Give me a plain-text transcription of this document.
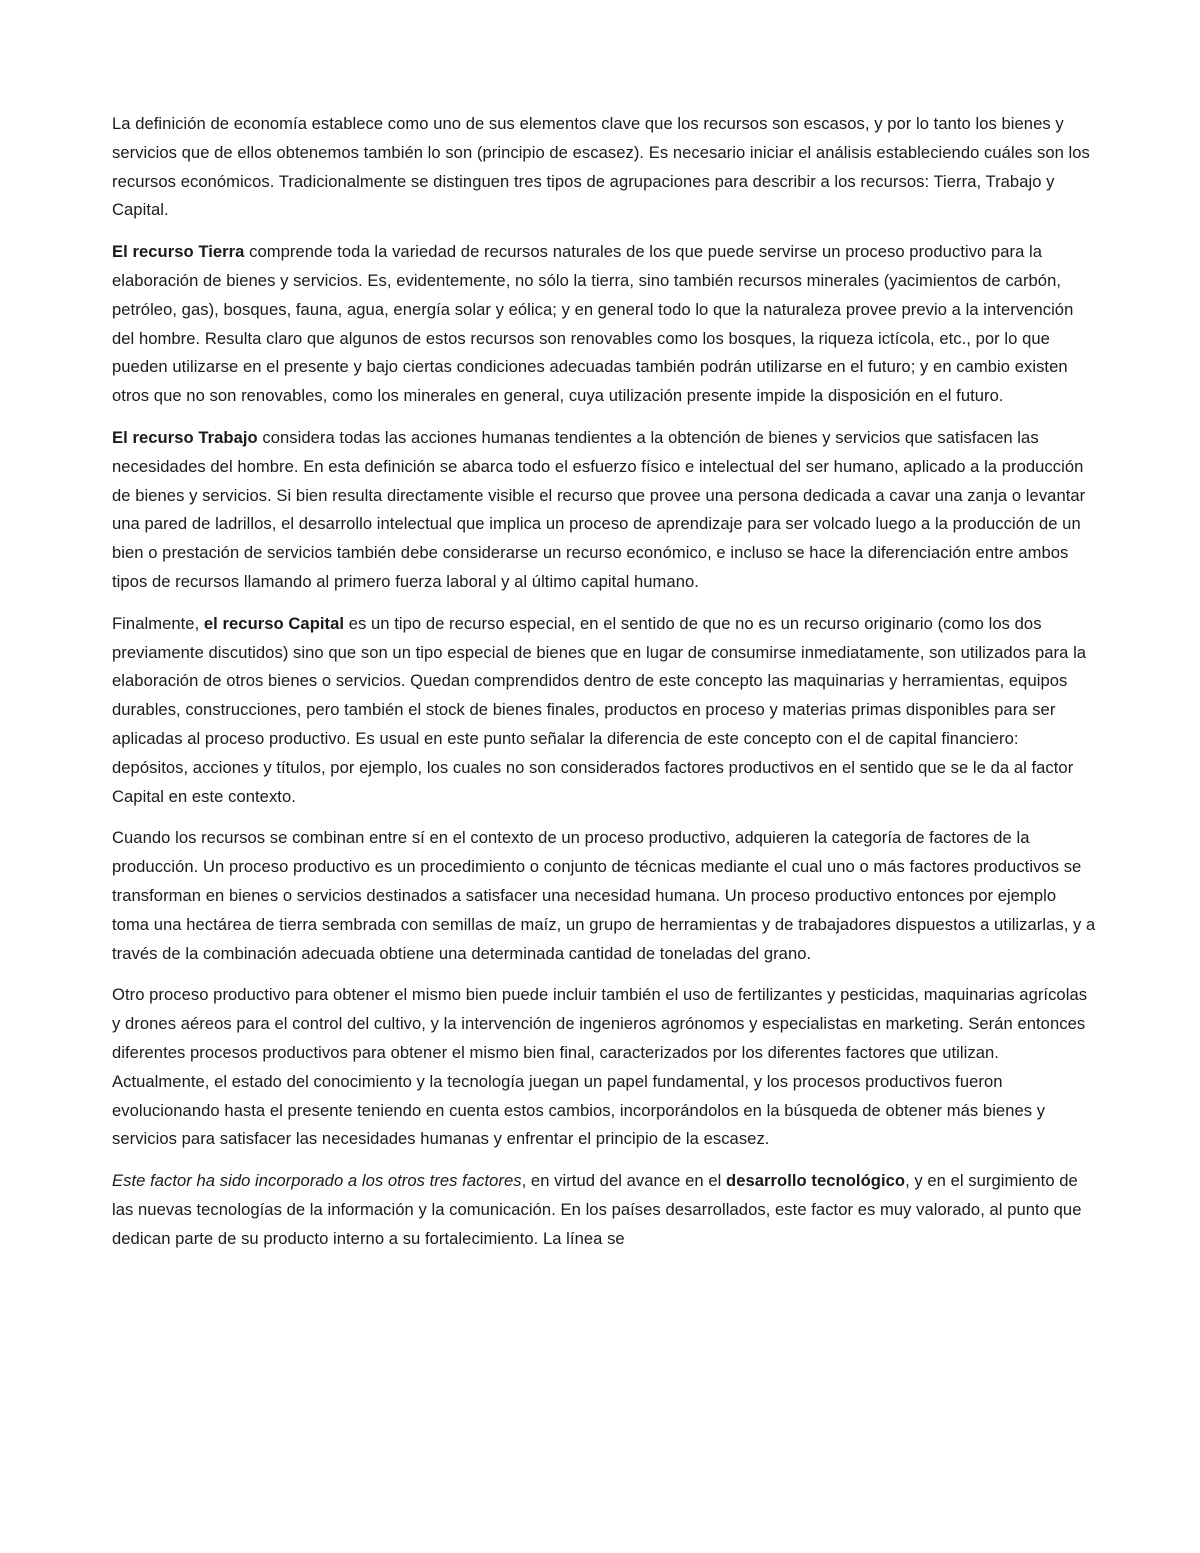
La definición de economía establece como uno de sus elementos clave que los recursos son escasos, y por lo tanto los bienes y servicios que de ellos obtenemos también lo son (principio de escasez). Es necesario iniciar el análisis estableciendo cuáles son los recursos económicos. Tradicionalmente se distinguen tres tipos de agrupaciones para describir a los recursos: Tierra, Trabajo y Capital.

El recurso Tierra comprende toda la variedad de recursos naturales de los que puede servirse un proceso productivo para la elaboración de bienes y servicios. Es, evidentemente, no sólo la tierra, sino también recursos minerales (yacimientos de carbón, petróleo, gas), bosques, fauna, agua, energía solar y eólica; y en general todo lo que la naturaleza provee previo a la intervención del hombre. Resulta claro que algunos de estos recursos son renovables como los bosques, la riqueza ictícola, etc., por lo que pueden utilizarse en el presente y bajo ciertas condiciones adecuadas también podrán utilizarse en el futuro; y en cambio existen otros que no son renovables, como los minerales en general, cuya utilización presente impide la disposición en el futuro.

El recurso Trabajo considera todas las acciones humanas tendientes a la obtención de bienes y servicios que satisfacen las necesidades del hombre. En esta definición se abarca todo el esfuerzo físico e intelectual del ser humano, aplicado a la producción de bienes y servicios. Si bien resulta directamente visible el recurso que provee una persona dedicada a cavar una zanja o levantar una pared de ladrillos, el desarrollo intelectual que implica un proceso de aprendizaje para ser volcado luego a la producción de un bien o prestación de servicios también debe considerarse un recurso económico, e incluso se hace la diferenciación entre ambos tipos de recursos llamando al primero fuerza laboral y al último capital humano.

Finalmente, el recurso Capital es un tipo de recurso especial, en el sentido de que no es un recurso originario (como los dos previamente discutidos) sino que son un tipo especial de bienes que en lugar de consumirse inmediatamente, son utilizados para la elaboración de otros bienes o servicios. Quedan comprendidos dentro de este concepto las maquinarias y herramientas, equipos durables, construcciones, pero también el stock de bienes finales, productos en proceso y materias primas disponibles para ser aplicadas al proceso productivo. Es usual en este punto señalar la diferencia de este concepto con el de capital financiero: depósitos, acciones y títulos, por ejemplo, los cuales no son considerados factores productivos en el sentido que se le da al factor Capital en este contexto.

Cuando los recursos se combinan entre sí en el contexto de un proceso productivo, adquieren la categoría de factores de la producción. Un proceso productivo es un procedimiento o conjunto de técnicas mediante el cual uno o más factores productivos se transforman en bienes o servicios destinados a satisfacer una necesidad humana. Un proceso productivo entonces por ejemplo toma una hectárea de tierra sembrada con semillas de maíz, un grupo de herramientas y de trabajadores dispuestos a utilizarlas, y a través de la combinación adecuada obtiene una determinada cantidad de toneladas del grano.

Otro proceso productivo para obtener el mismo bien puede incluir también el uso de fertilizantes y pesticidas, maquinarias agrícolas y drones aéreos para el control del cultivo, y la intervención de ingenieros agrónomos y especialistas en marketing. Serán entonces diferentes procesos productivos para obtener el mismo bien final, caracterizados por los diferentes factores que utilizan. Actualmente, el estado del conocimiento y la tecnología juegan un papel fundamental, y los procesos productivos fueron evolucionando hasta el presente teniendo en cuenta estos cambios, incorporándolos en la búsqueda de obtener más bienes y servicios para satisfacer las necesidades humanas y enfrentar el principio de la escasez.

Este factor ha sido incorporado a los otros tres factores, en virtud del avance en el desarrollo tecnológico, y en el surgimiento de las nuevas tecnologías de la información y la comunicación. En los países desarrollados, este factor es muy valorado, al punto que dedican parte de su producto interno a su fortalecimiento. La línea se
